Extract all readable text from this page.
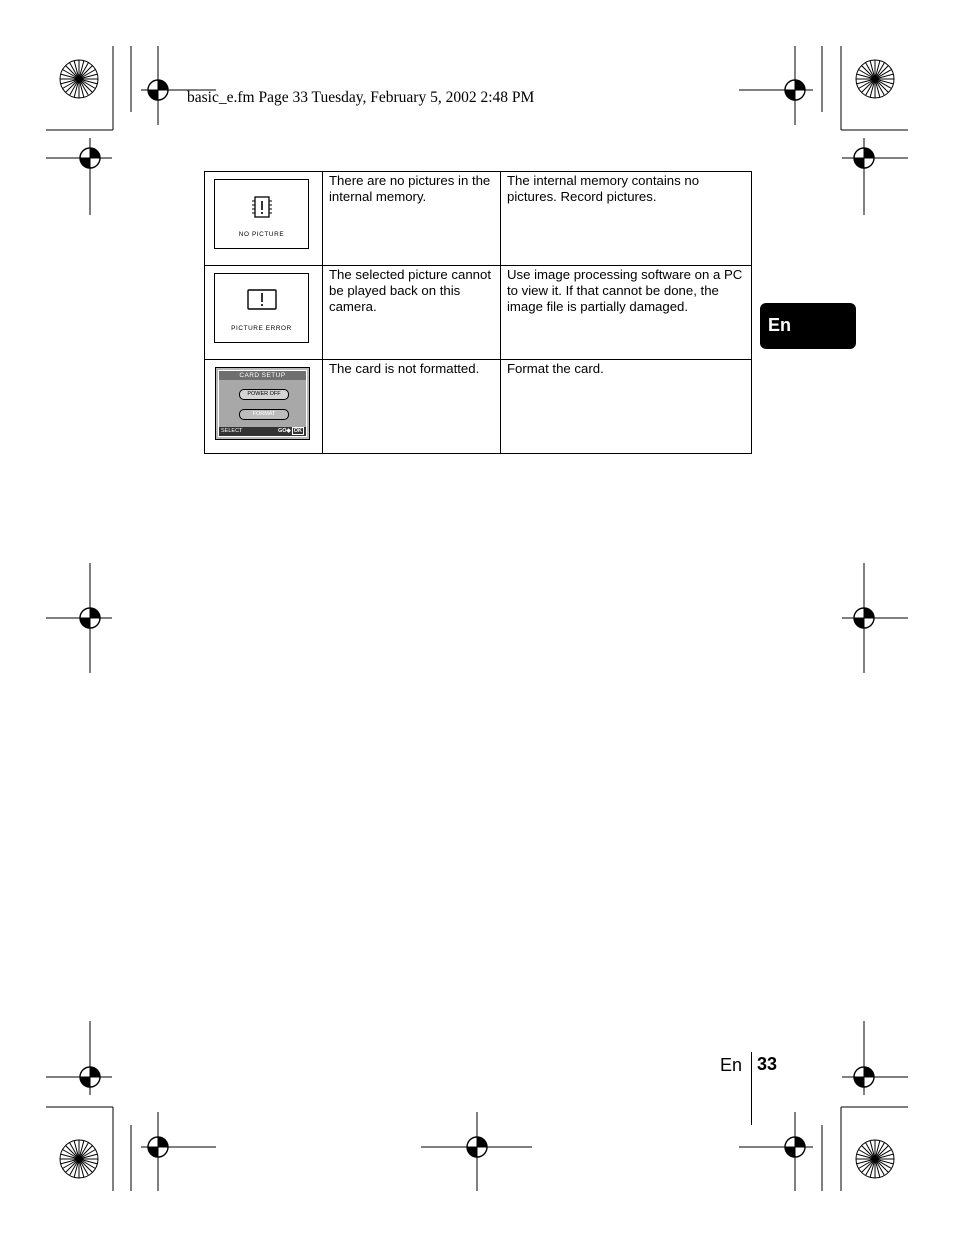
basic_e.fm Page 33 Tuesday, February 5, 2002 2:48 PM
NO PICTURE	There are no pictures in the internal memory.	The internal memory contains no pictures. Record pictures.

PICTURE ERROR	The selected picture cannot be played back on this camera.	Use image processing software on a PC to view it. If that cannot be done, the image file is partially damaged.

CARD SETUP
POWER OFF
FORMAT
SELECT GO◆ OK	The card is not formatted.	Format the card.
En
En 33
